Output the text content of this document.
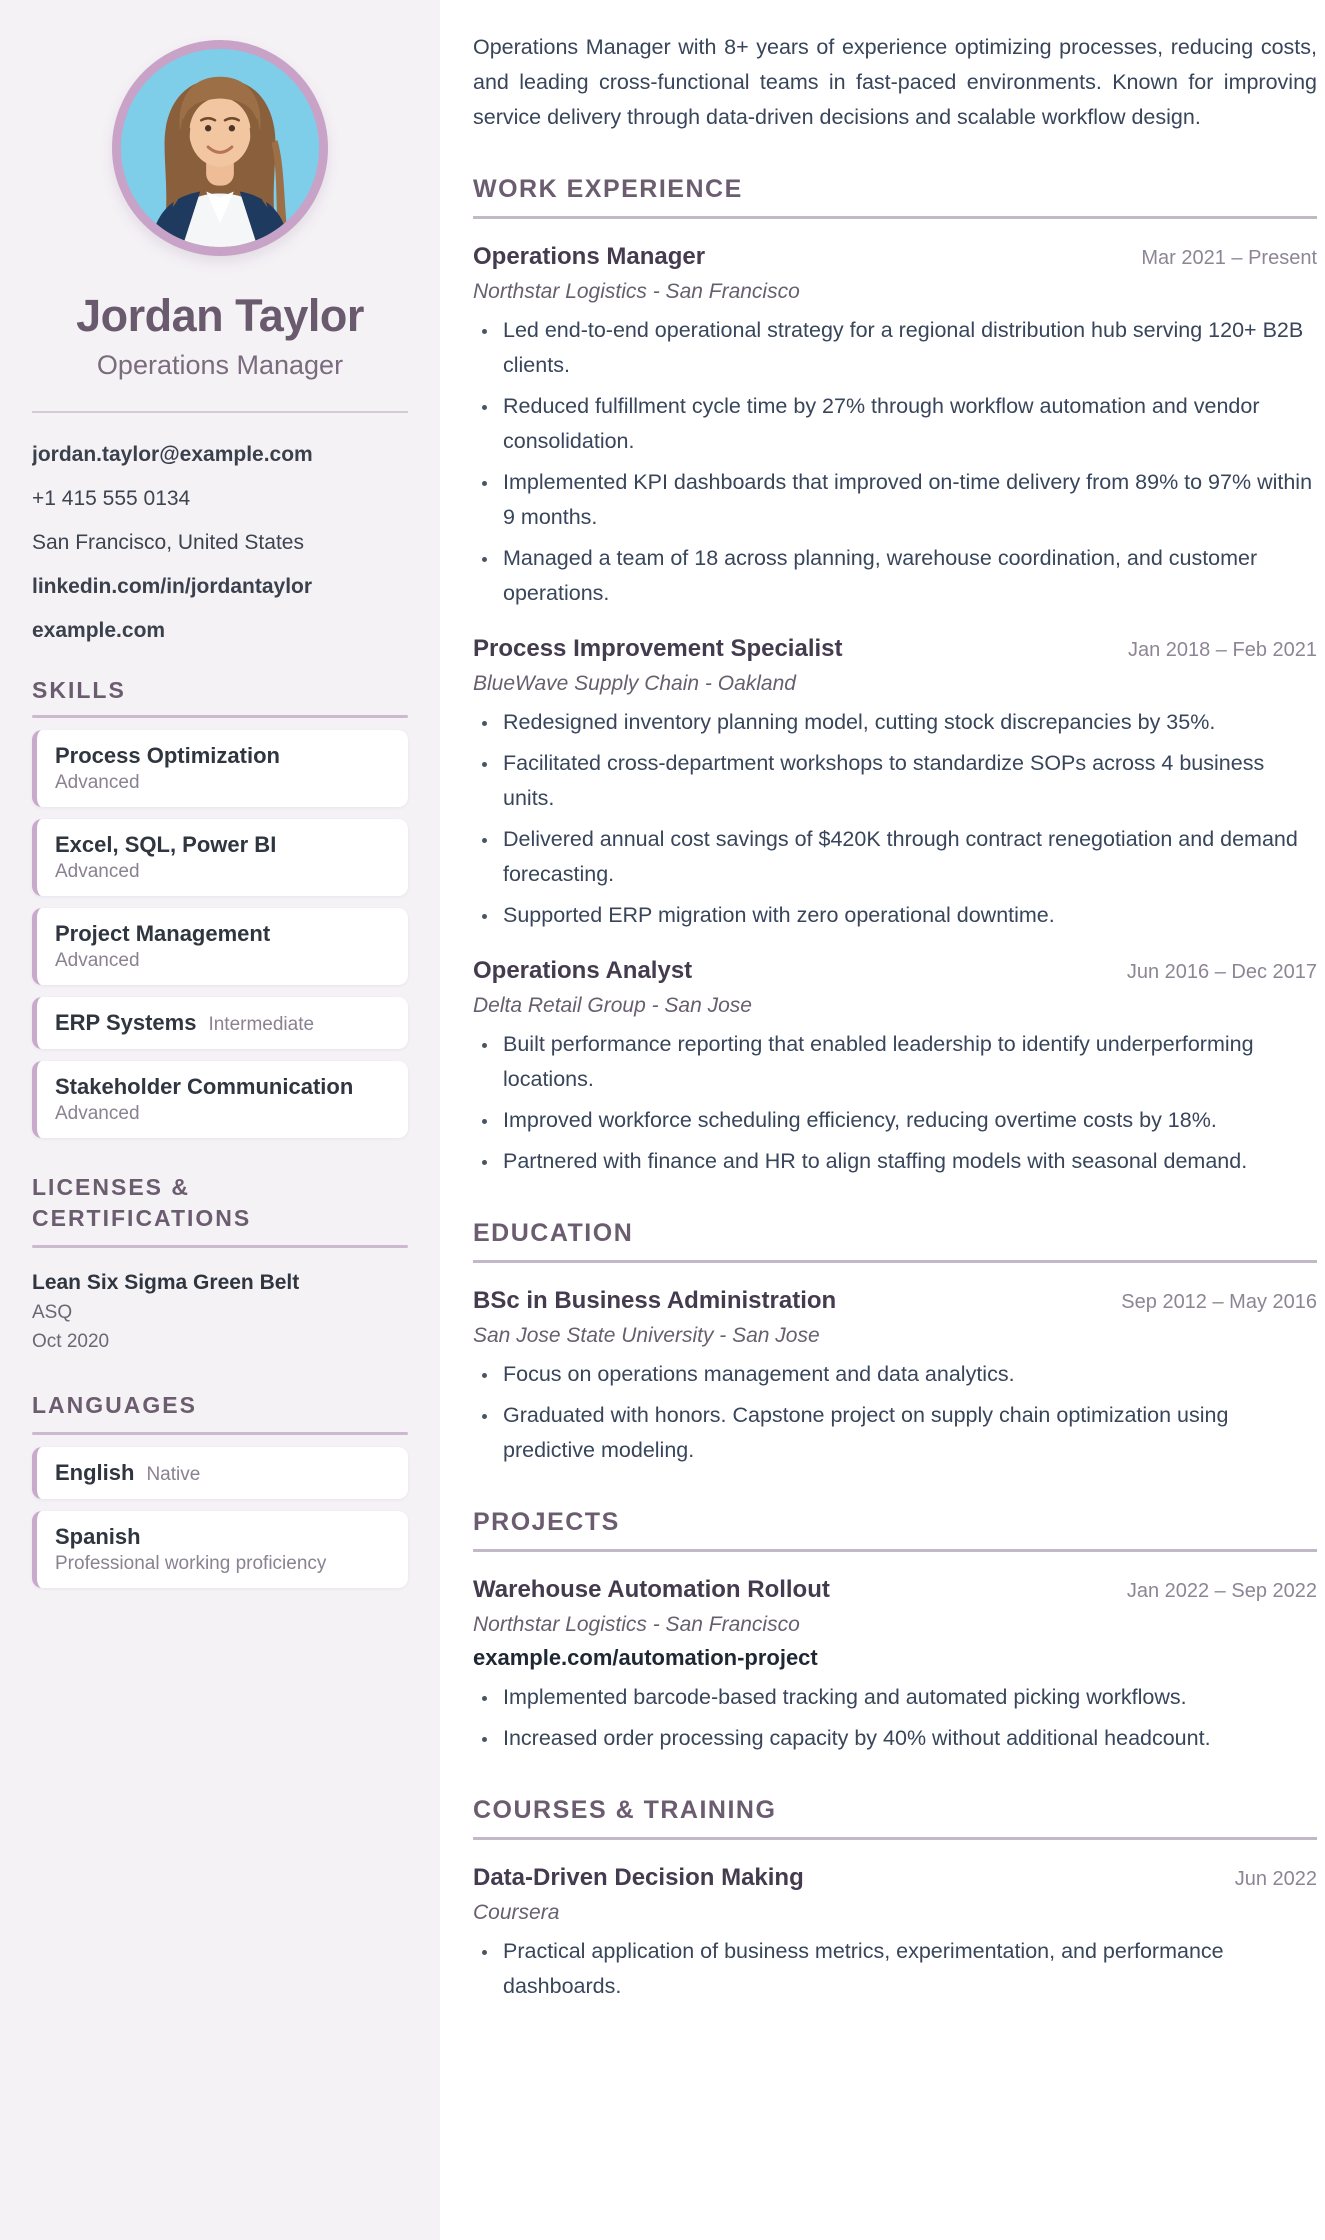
Jordan Taylor
Operations Manager
jordan.taylor@example.com
+1 415 555 0134
San Francisco, United States
linkedin.com/in/jordantaylor
example.com
SKILLS
Process Optimization
Advanced
Excel, SQL, Power BI
Advanced
Project Management
Advanced
ERP Systems Intermediate
Stakeholder Communication
Advanced
LICENSES & CERTIFICATIONS
Lean Six Sigma Green Belt
ASQ
Oct 2020
LANGUAGES
English Native
Spanish
Professional working proficiency

Operations Manager with 8+ years of experience optimizing processes, reducing costs, and leading cross-functional teams in fast-paced environments. Known for improving service delivery through data-driven decisions and scalable workflow design.

WORK EXPERIENCE
Operations Manager	Mar 2021 – Present
Northstar Logistics - San Francisco
• Led end-to-end operational strategy for a regional distribution hub serving 120+ B2B clients.
• Reduced fulfillment cycle time by 27% through workflow automation and vendor consolidation.
• Implemented KPI dashboards that improved on-time delivery from 89% to 97% within 9 months.
• Managed a team of 18 across planning, warehouse coordination, and customer operations.
Process Improvement Specialist	Jan 2018 – Feb 2021
BlueWave Supply Chain - Oakland
• Redesigned inventory planning model, cutting stock discrepancies by 35%.
• Facilitated cross-department workshops to standardize SOPs across 4 business units.
• Delivered annual cost savings of $420K through contract renegotiation and demand forecasting.
• Supported ERP migration with zero operational downtime.
Operations Analyst	Jun 2016 – Dec 2017
Delta Retail Group - San Jose
• Built performance reporting that enabled leadership to identify underperforming locations.
• Improved workforce scheduling efficiency, reducing overtime costs by 18%.
• Partnered with finance and HR to align staffing models with seasonal demand.
EDUCATION
BSc in Business Administration	Sep 2012 – May 2016
San Jose State University - San Jose
• Focus on operations management and data analytics.
• Graduated with honors. Capstone project on supply chain optimization using predictive modeling.
PROJECTS
Warehouse Automation Rollout	Jan 2022 – Sep 2022
Northstar Logistics - San Francisco
example.com/automation-project
• Implemented barcode-based tracking and automated picking workflows.
• Increased order processing capacity by 40% without additional headcount.
COURSES & TRAINING
Data-Driven Decision Making	Jun 2022
Coursera
• Practical application of business metrics, experimentation, and performance dashboards.
